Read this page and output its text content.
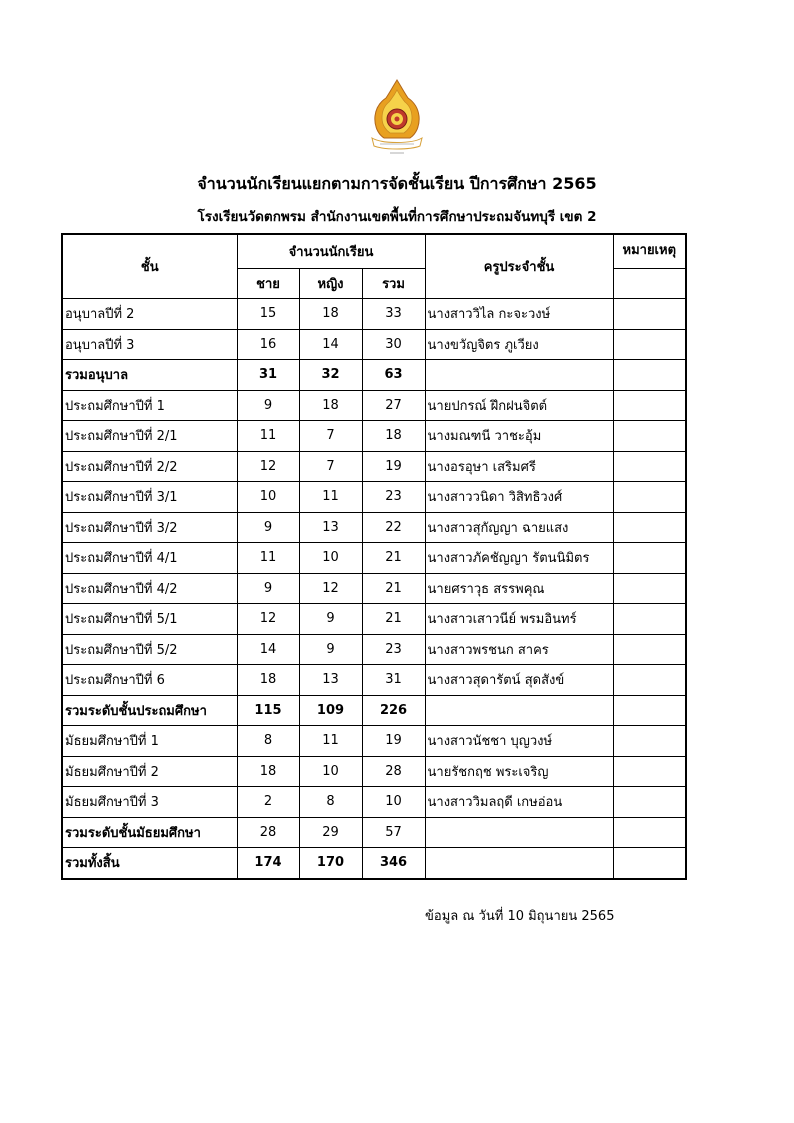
จำนวนนักเรียนแยกตามการจัดชั้นเรียน ปีการศึกษา 2565
โรงเรียนวัดตกพรม สำนักงานเขตพื้นที่การศึกษาประถมจันทบุรี เขต 2
ชั้น	จำนวนนักเรียน			ครูประจำชั้น	หมายเหตุ
	ชาย	หญิง	รวม		
อนุบาลปีที่ 2	15	18	33	นางสาววิไล กะจะวงษ์	
อนุบาลปีที่ 3	16	14	30	นางขวัญจิตร ภูเวียง	
รวมอนุบาล	31	32	63		
ประถมศึกษาปีที่ 1	9	18	27	นายปกรณ์ ฝึกฝนจิตต์	
ประถมศึกษาปีที่ 2/1	11	7	18	นางมณฑนี วาชะอุ้ม	
ประถมศึกษาปีที่ 2/2	12	7	19	นางอรอุษา เสริมศรี	
ประถมศึกษาปีที่ 3/1	10	11	23	นางสาววนิดา วิสิทธิวงศ์	
ประถมศึกษาปีที่ 3/2	9	13	22	นางสาวสุกัญญา ฉายแสง	
ประถมศึกษาปีที่ 4/1	11	10	21	นางสาวภัคชัญญา รัตนนิมิตร	
ประถมศึกษาปีที่ 4/2	9	12	21	นายศราวุธ สรรพคุณ	
ประถมศึกษาปีที่ 5/1	12	9	21	นางสาวเสาวนีย์ พรมอินทร์	
ประถมศึกษาปีที่ 5/2	14	9	23	นางสาวพรชนก สาคร	
ประถมศึกษาปีที่ 6	18	13	31	นางสาวสุดารัตน์ สุดสังข์	
รวมระดับชั้นประถมศึกษา	115	109	226		
มัธยมศึกษาปีที่ 1	8	11	19	นางสาวนัชชา บุญวงษ์	
มัธยมศึกษาปีที่ 2	18	10	28	นายรัชกฤช พระเจริญ	
มัธยมศึกษาปีที่ 3	2	8	10	นางสาววิมลฤดี เกษอ่อน	
รวมระดับชั้นมัธยมศึกษา	28	29	57		
รวมทั้งสิ้น	174	170	346		
ข้อมูล ณ วันที่ 10 มิถุนายน 2565
